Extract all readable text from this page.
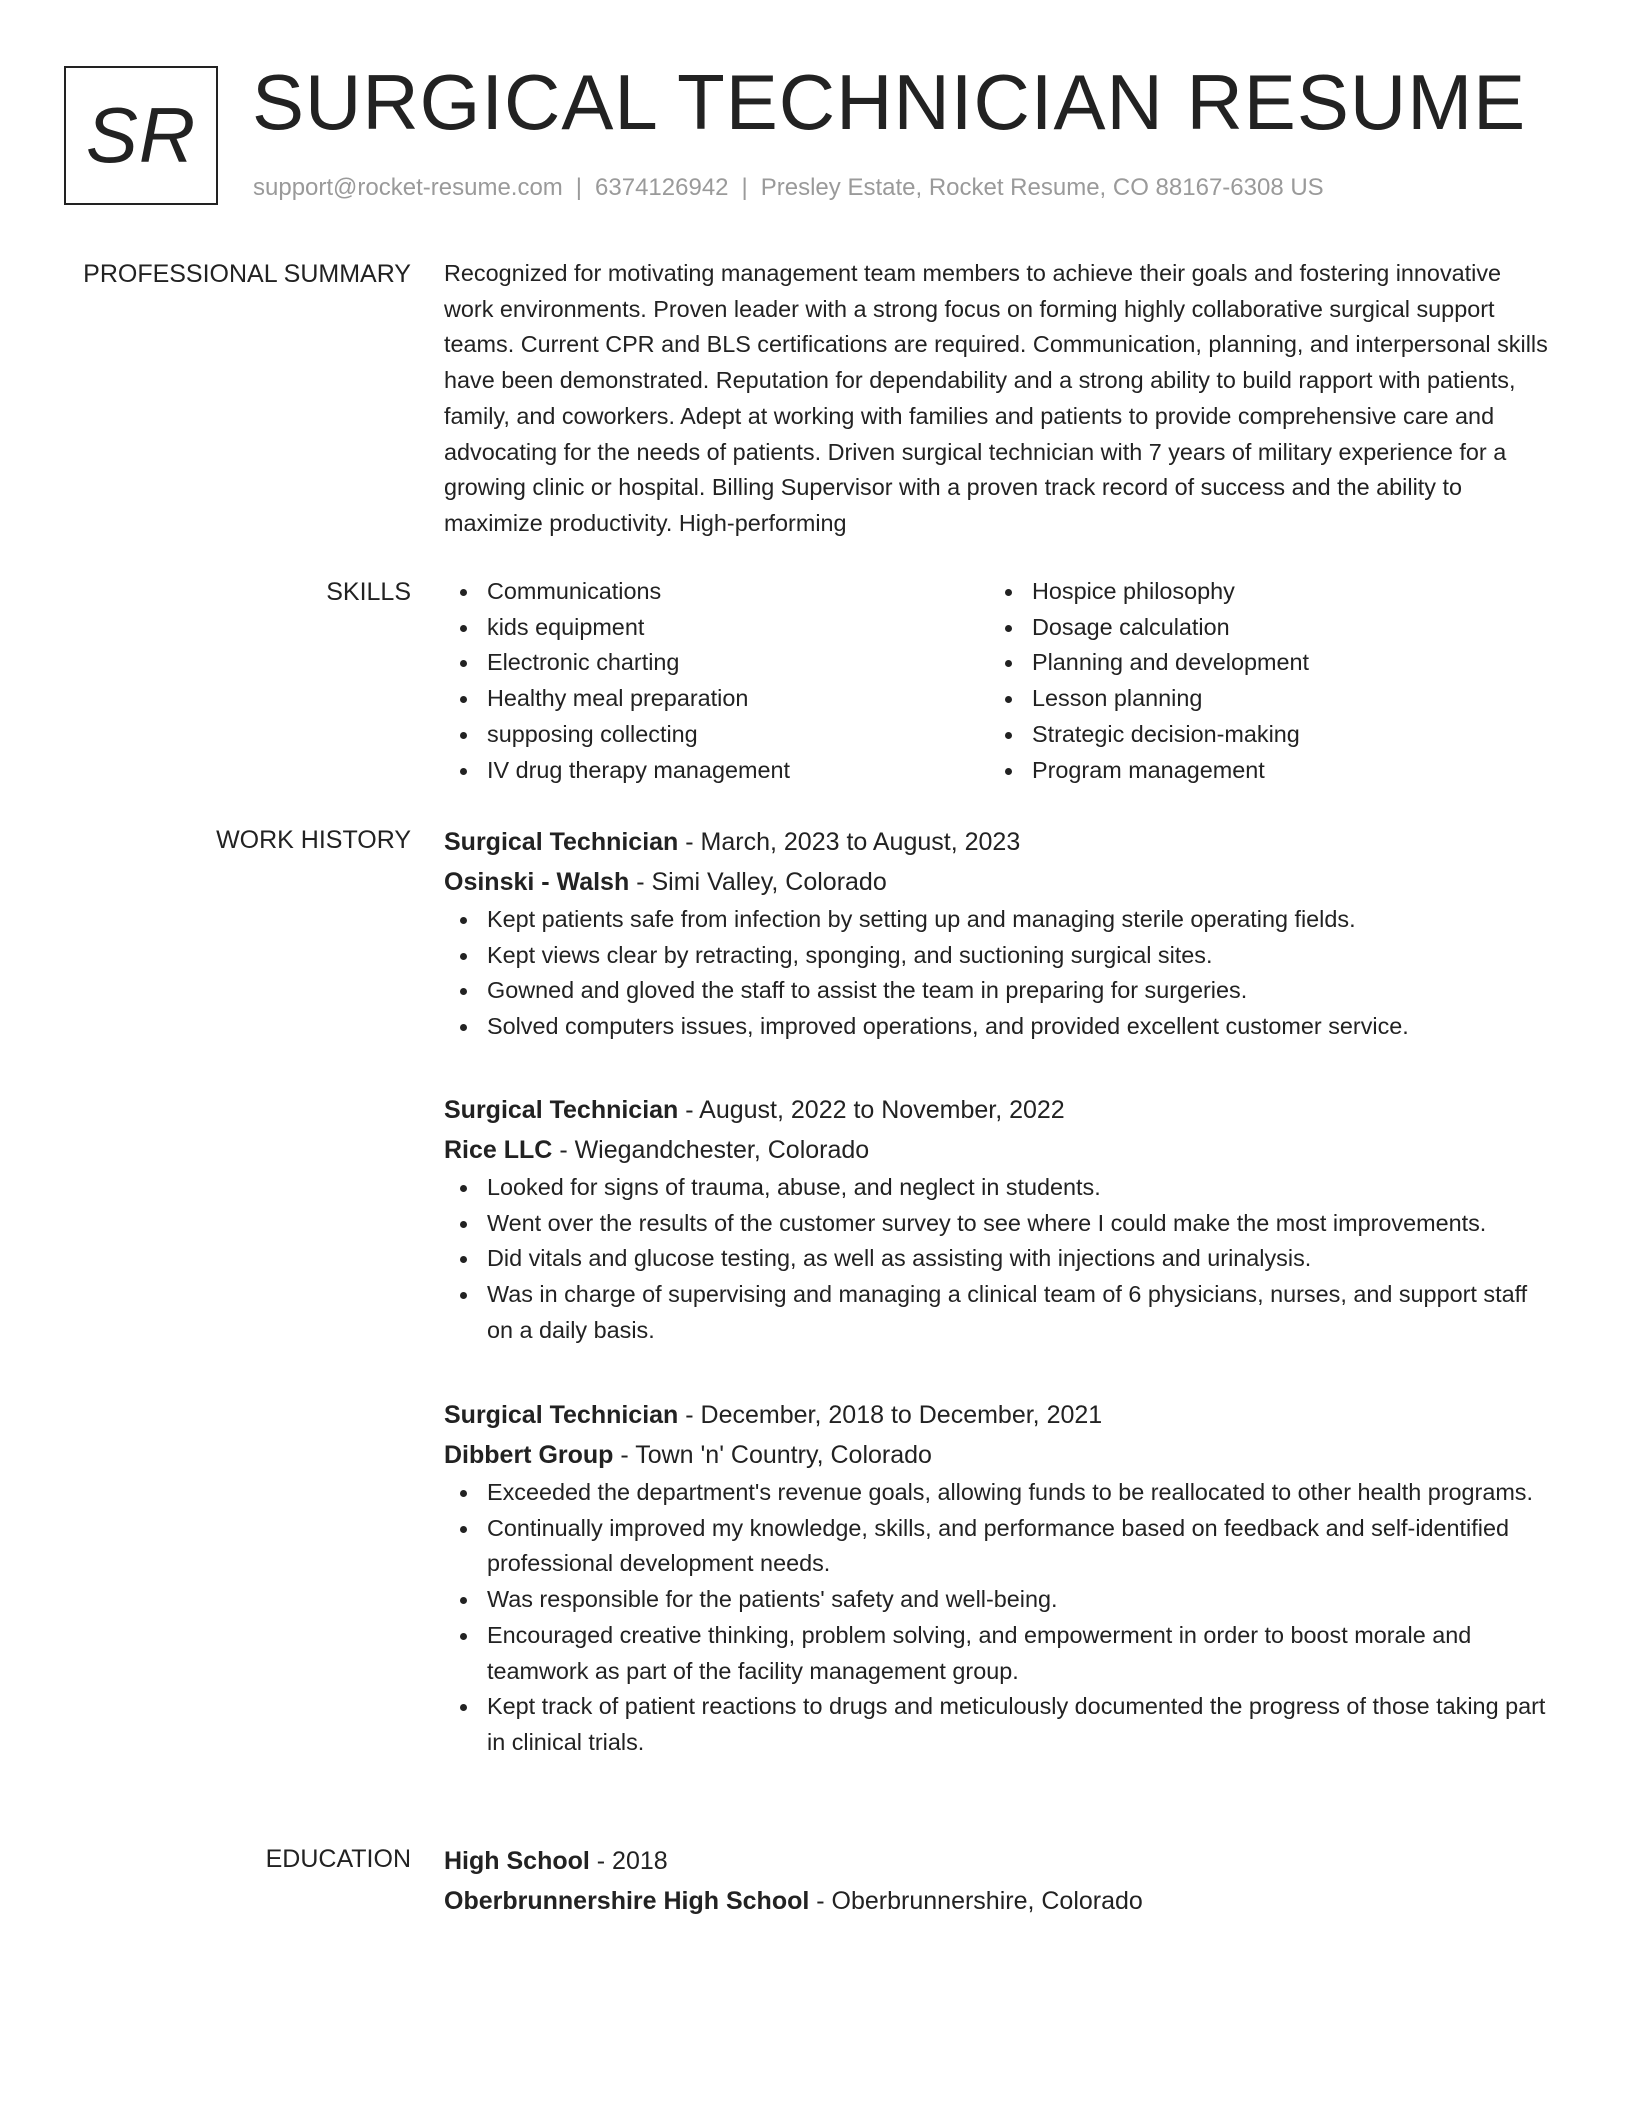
SR SURGICAL TECHNICIAN RESUME
support@rocket-resume.com | 6374126942 | Presley Estate, Rocket Resume, CO 88167-6308 US
PROFESSIONAL SUMMARY Recognized for motivating management team members to achieve their goals and fostering innovative work environments. Proven leader with a strong focus on forming highly collaborative surgical support teams. Current CPR and BLS certifications are required. Communication, planning, and interpersonal skills have been demonstrated. Reputation for dependability and a strong ability to build rapport with patients, family, and coworkers. Adept at working with families and patients to provide comprehensive care and advocating for the needs of patients. Driven surgical technician with 7 years of military experience for a growing clinic or hospital. Billing Supervisor with a proven track record of success and the ability to maximize productivity. High-performing

SKILLS	Communications
kids equipment
Electronic charting
Healthy meal preparation
supposing collecting
IV drug therapy management
Hospice philosophy
Dosage calculation
Planning and development
Lesson planning
Strategic decision-making
Program management
WORK HISTORY Surgical Technician - March, 2023 to August, 2023
Osinski - Walsh - Simi Valley, Colorado
Kept patients safe from infection by setting up and managing sterile operating fields.
Kept views clear by retracting, sponging, and suctioning surgical sites.
Gowned and gloved the staff to assist the team in preparing for surgeries.
Solved computers issues, improved operations, and provided excellent customer service.
Surgical Technician - August, 2022 to November, 2022
Rice LLC - Wiegandchester, Colorado
Looked for signs of trauma, abuse, and neglect in students.
Went over the results of the customer survey to see where I could make the most improvements.
Did vitals and glucose testing, as well as assisting with injections and urinalysis.
Was in charge of supervising and managing a clinical team of 6 physicians, nurses, and support staff on a daily basis.
Surgical Technician - December, 2018 to December, 2021
Dibbert Group - Town 'n' Country, Colorado
Exceeded the department's revenue goals, allowing funds to be reallocated to other health programs.
Continually improved my knowledge, skills, and performance based on feedback and self-identified professional development needs.
Was responsible for the patients' safety and well-being.
Encouraged creative thinking, problem solving, and empowerment in order to boost morale and teamwork as part of the facility management group.
Kept track of patient reactions to drugs and meticulously documented the progress of those taking part in clinical trials.
EDUCATION High School - 2018
Oberbrunnershire High School - Oberbrunnershire, Colorado
